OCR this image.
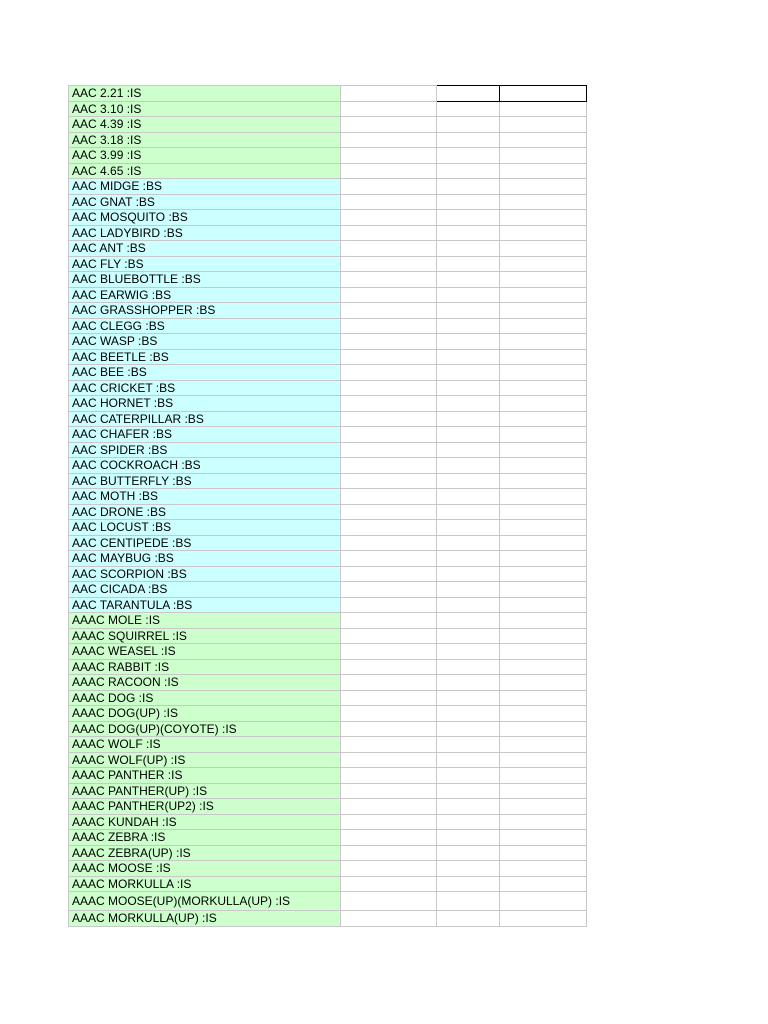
AAC 2.21 :IS			
AAC 3.10 :IS			
AAC 4.39 :IS			
AAC 3.18 :IS			
AAC 3.99 :IS			
AAC 4.65 :IS			
AAC MIDGE :BS			
AAC GNAT :BS			
AAC MOSQUITO :BS			
AAC LADYBIRD :BS			
AAC ANT :BS			
AAC FLY :BS			
AAC BLUEBOTTLE :BS			
AAC EARWIG :BS			
AAC GRASSHOPPER :BS			
AAC CLEGG :BS			
AAC WASP :BS			
AAC BEETLE :BS			
AAC BEE :BS			
AAC CRICKET :BS			
AAC HORNET :BS			
AAC CATERPILLAR :BS			
AAC CHAFER :BS			
AAC SPIDER :BS			
AAC COCKROACH :BS			
AAC BUTTERFLY :BS			
AAC MOTH :BS			
AAC DRONE :BS			
AAC LOCUST :BS			
AAC CENTIPEDE :BS			
AAC MAYBUG :BS			
AAC SCORPION :BS			
AAC CICADA :BS			
AAC TARANTULA :BS			
AAAC MOLE :IS			
AAAC SQUIRREL :IS			
AAAC WEASEL :IS			
AAAC RABBIT :IS			
AAAC RACOON :IS			
AAAC DOG :IS			
AAAC DOG(UP) :IS			
AAAC DOG(UP)(COYOTE) :IS			
AAAC WOLF :IS			
AAAC WOLF(UP) :IS			
AAAC PANTHER :IS			
AAAC PANTHER(UP) :IS			
AAAC PANTHER(UP2) :IS			
AAAC KUNDAH :IS			
AAAC ZEBRA :IS			
AAAC ZEBRA(UP) :IS			
AAAC MOOSE :IS			
AAAC MORKULLA :IS			
AAAC MOOSE(UP)(MORKULLA(UP) :IS			
AAAC MORKULLA(UP) :IS			
